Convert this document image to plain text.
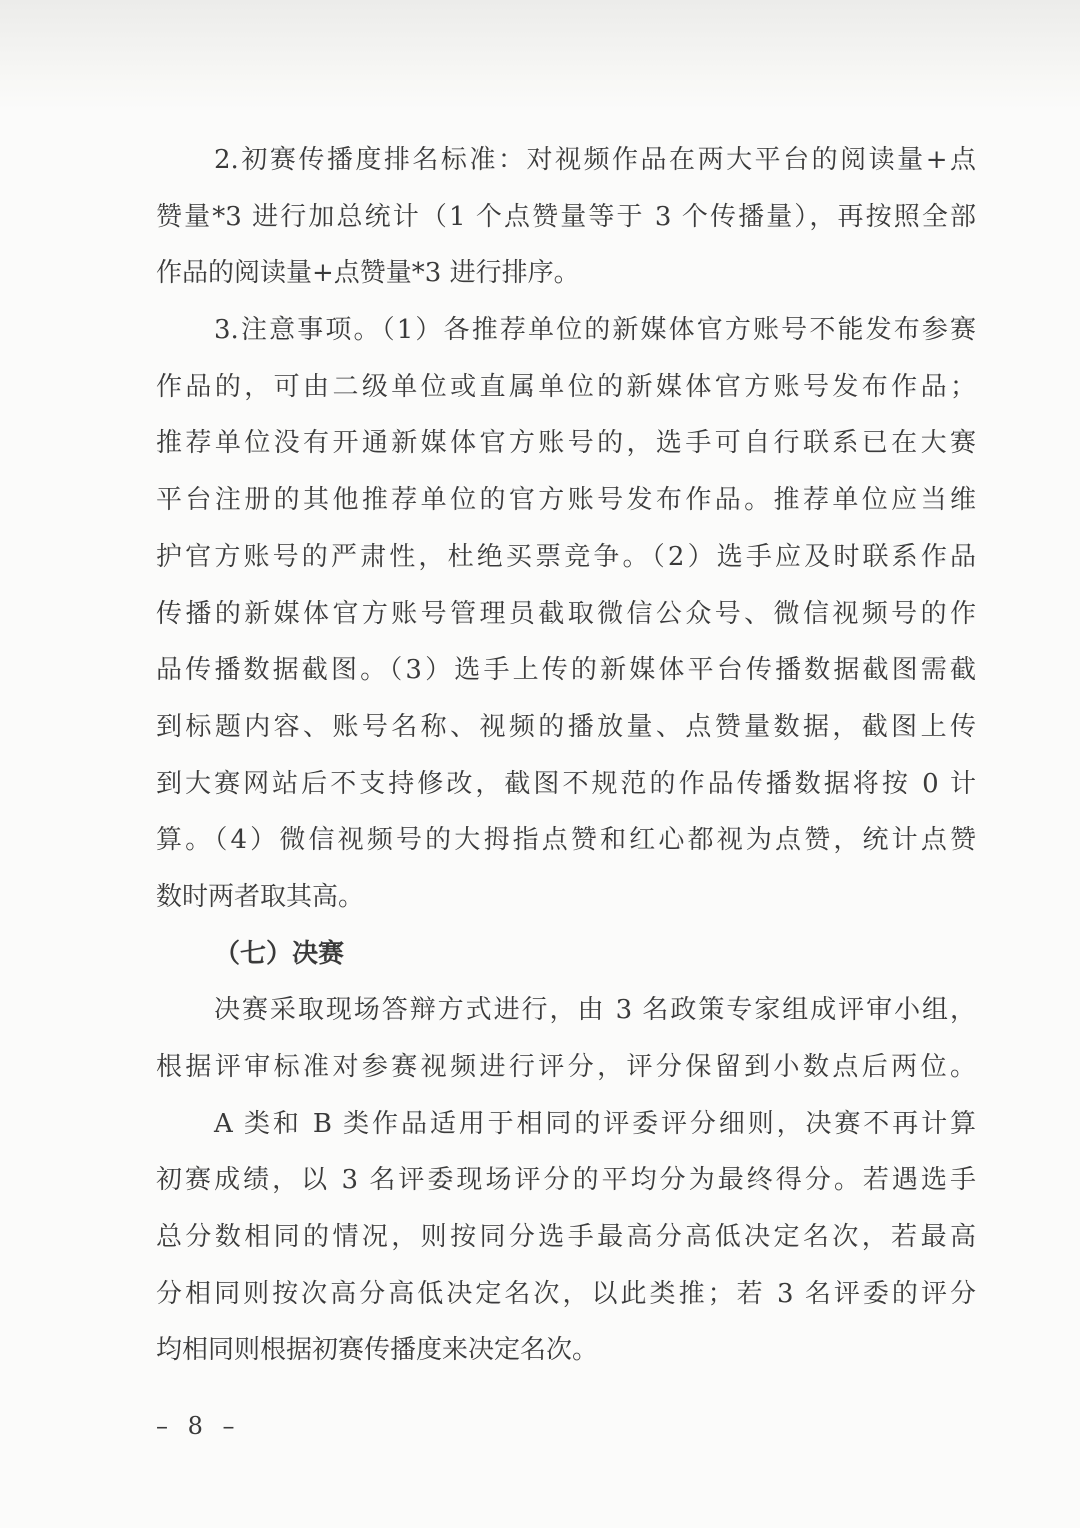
2.初赛传播度排名标准：对视频作品在两大平台的阅读量+点
赞量*3 进行加总统计（1 个点赞量等于 3 个传播量），再按照全部
作品的阅读量+点赞量*3 进行排序。
3.注意事项。（1）各推荐单位的新媒体官方账号不能发布参赛
作品的，可由二级单位或直属单位的新媒体官方账号发布作品；
推荐单位没有开通新媒体官方账号的，选手可自行联系已在大赛
平台注册的其他推荐单位的官方账号发布作品。推荐单位应当维
护官方账号的严肃性，杜绝买票竞争。（2）选手应及时联系作品
传播的新媒体官方账号管理员截取微信公众号、微信视频号的作
品传播数据截图。（3）选手上传的新媒体平台传播数据截图需截
到标题内容、账号名称、视频的播放量、点赞量数据，截图上传
到大赛网站后不支持修改，截图不规范的作品传播数据将按 0 计
算。（4）微信视频号的大拇指点赞和红心都视为点赞，统计点赞
数时两者取其高。
（七）决赛
决赛采取现场答辩方式进行，由 3 名政策专家组成评审小组，
根据评审标准对参赛视频进行评分，评分保留到小数点后两位。
A 类和 B 类作品适用于相同的评委评分细则，决赛不再计算
初赛成绩，以 3 名评委现场评分的平均分为最终得分。若遇选手
总分数相同的情况，则按同分选手最高分高低决定名次，若最高
分相同则按次高分高低决定名次，以此类推；若 3 名评委的评分
均相同则根据初赛传播度来决定名次。
– 8 –
